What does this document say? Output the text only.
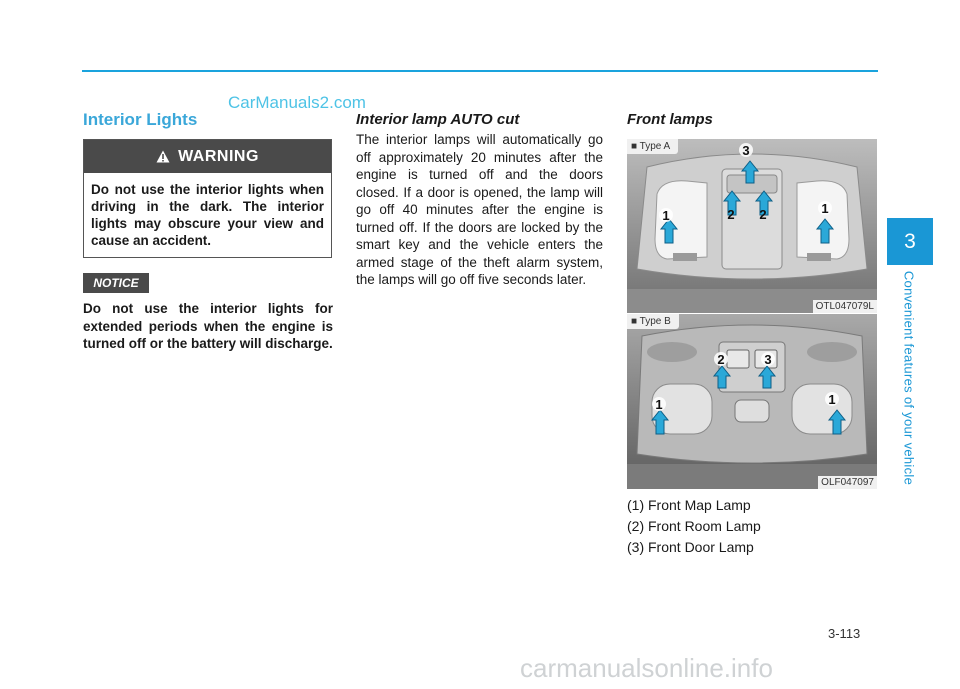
CarManuals2.com
Interior Lights
WARNING
Do not use the interior lights when driving in the dark. The interior lights may obscure your view and cause an accident.
NOTICE
Do not use the interior lights for extended periods when the engine is turned off or the battery will discharge.
Interior lamp AUTO cut
The interior lamps will automatically go off approximately 20 minutes after the engine is turned off and the doors closed. If a door is opened, the lamp will go off 40 minutes after the engine is turned off. If the doors are locked by the smart key and the vehicle enters the armed stage of the theft alarm system, the lamps will go off five seconds later.
Front lamps
1	1
2 2
3
■ Type A
OTL047079L
1	1
2	3
■ Type B
OLF047097
(1) Front Map Lamp
(2) Front Room Lamp
(3) Front Door Lamp
3
Convenient features of your vehicle
3-113
carmanualsonline.info
